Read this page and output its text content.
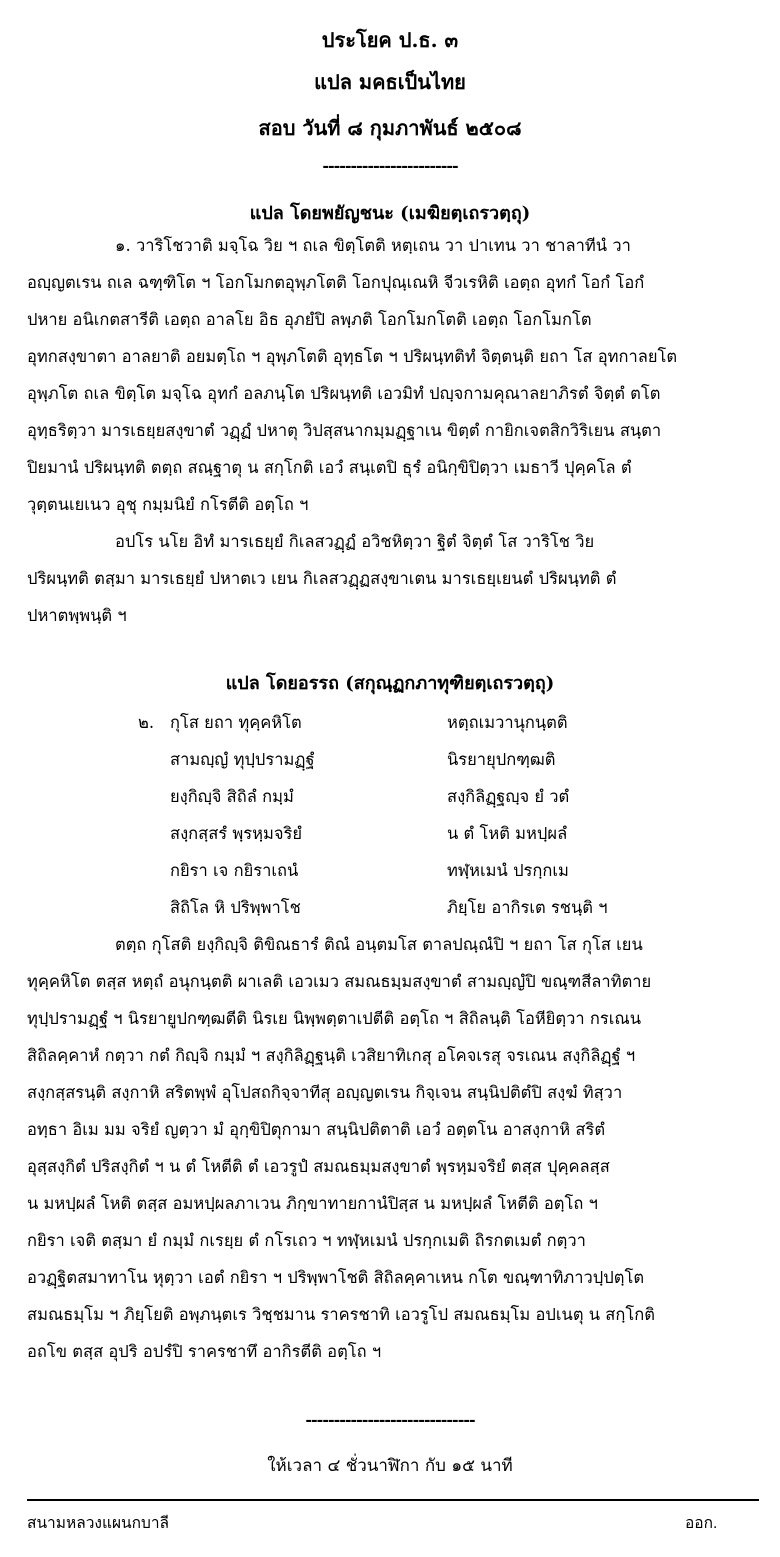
ประโยค ป.ธ. ๓
แปล มคธเป็นไทย
สอบ วันที่ ๘ กุมภาพันธ์ ๒๕๐๘
------------------------
แปล โดยพยัญชนะ (เมฆิยตฺเถรวตฺถุ)
๑. วาริโชวาติ มจฺโฉ วิย ฯ ถเล ขิตฺโตติ หตฺเถน วา ปาเทน วา ชาลาทีนํ วา
อญฺญตเรน ถเล ฉฑฺฑิโต ฯ โอกโมกตอุพฺภโตติ โอกปุณฺเณหิ จีวเรหิติ เอตฺถ อุทกํ โอกํ โอกํ
ปหาย อนิเกตสารีติ เอตฺถ อาลโย อิธ อุภยํปิ ลพฺภติ โอกโมกโตติ เอตฺถ โอกโมกโต
อุทกสงฺขาตา อาลยาติ อยมตฺโถ ฯ อุพฺภโตติ อุทฺธโต ฯ ปริผนฺทติทํ จิตฺตนฺติ ยถา โส อุทกาลยโต
อุพฺภโต ถเล ขิตฺโต มจฺโฉ อุทกํ อลภนฺโต ปริผนฺทติ เอวมิทํ ปญฺจกามคุณาลยาภิรตํ จิตฺตํ ตโต
อุทฺธริตฺวา มารเธยฺยสงฺขาตํ วฏฺฏํ ปหาตุ วิปสฺสนากมฺมฏฺฐาเน ขิตฺตํ กายิกเจตสิกวิริเยน สนฺตา
ปิยมานํ ปริผนฺทติ ตตฺถ สณฺฐาตุ น สกฺโกติ เอวํ สนฺเตปิ ธุรํ อนิกฺขิปิตฺวา เมธาวี ปุคฺคโล ตํ
วุตฺตนเยเนว อุชุ กมฺมนิยํ กโรตีติ อตฺโถ ฯ
อปโร นโย อิทํ มารเธยฺยํ กิเลสวฏฺฏํ อวิชหิตฺวา ฐิตํ จิตฺตํ โส วาริโช วิย
ปริผนฺทติ ตสฺมา มารเธยฺยํ ปหาตเว เยน กิเลสวฏฺฏสงฺขาเตน มารเธยฺเยนตํ ปริผนฺทติ ตํ
ปหาตพฺพนฺติ ฯ
แปล โดยอรรถ (สกุณฺฏกภาทุฑิยตฺเถรวตฺถุ)
๒. กุโส ยถา ทุคฺคหิโต	หตฺถเมวานุกนฺตติ
สามญฺญํ ทุปฺปรามฏฺฐํ	นิรยายุปกฑฺฒติ
ยงฺกิญฺจิ สิถิลํ กมฺมํ	สงฺกิลิฏฺฐญฺจ ยํ วตํ
สงฺกสฺสรํ พฺรหฺมจริยํ	น ตํ โหติ มหปฺผลํ
กยิรา เจ กยิราเถนํ	ทฬฺหเมนํ ปรกฺกเม
สิถิโล หิ ปริพฺพาโช	ภิยฺโย อากิรเต รชนฺติ ฯ
ตตฺถ กุโสติ ยงฺกิญฺจิ ติขิณธารํ ติณํ อนฺตมโส ตาลปณฺณํปิ ฯ ยถา โส กุโส เยน
ทุคฺคหิโต ตสฺส หตฺถํ อนุกนฺตติ ผาเลติ เอวเมว สมณธมฺมสงฺขาตํ สามญฺญํปิ ขณฺฑสีลาทิตาย
ทุปฺปรามฏฺฐํ ฯ นิรยายูปกฑฺฒตีติ นิรเย นิพฺพตฺตาเปตีติ อตฺโถ ฯ สิถิลนฺติ โอหียิตฺวา กรเณน
สิถิลคฺคาหํ กตฺวา กตํ กิญฺจิ กมฺมํ ฯ สงฺกิลิฏฺฐนฺติ เวสิยาทิเกสุ อโคจเรสุ จรเณน สงฺกิลิฏฺฐํ ฯ
สงฺกสฺสรนฺติ สงฺกาหิ สริตพฺพํ อุโปสถกิจฺจาทีสุ อญฺญตเรน กิจฺเจน สนฺนิปติตํปิ สงฺฆํ ทิสฺวา
อทฺธา อิเม มม จริยํ ญตฺวา มํ อุกฺขิปิตุกามา สนฺนิปติตาติ เอวํ อตฺตโน อาสงฺกาหิ สริตํ
อุสฺสงฺกิตํ ปริสงฺกิตํ ฯ น ตํ โหตีติ ตํ เอวรูปํ สมณธมฺมสงฺขาตํ พฺรหฺมจริยํ ตสฺส ปุคฺคลสฺส
น มหปฺผลํ โหติ ตสฺส อมหปฺผลภาเวน ภิกฺขาทายกานํปิสฺส น มหปฺผลํ โหตีติ อตฺโถ ฯ
กยิรา เจติ ตสฺมา ยํ กมฺมํ กเรยฺย ตํ กโรเถว ฯ ทฬฺหเมนํ ปรกฺกเมติ ถิรกตเมตํ กตฺวา
อวฏฺฐิตสมาทาโน หุตฺวา เอตํ กยิรา ฯ ปริพฺพาโชติ สิถิลคฺคาเหน กโต ขณฺฑาทิภาวปฺปตฺโต
สมณธมฺโม ฯ ภิยฺโยติ อพฺภนฺตเร วิชฺชมาน ราครชาทิ เอวรูโป สมณธมฺโม อปเนตุ น สกฺโกติ
อถโข ตสฺส อุปริ อปรํปิ ราครชาทึ อากิรตีติ อตฺโถ ฯ
------------------------------
ให้เวลา ๔ ชั่วนาฬิกา กับ ๑๕ นาที
สนามหลวงแผนกบาลี	ออก.
